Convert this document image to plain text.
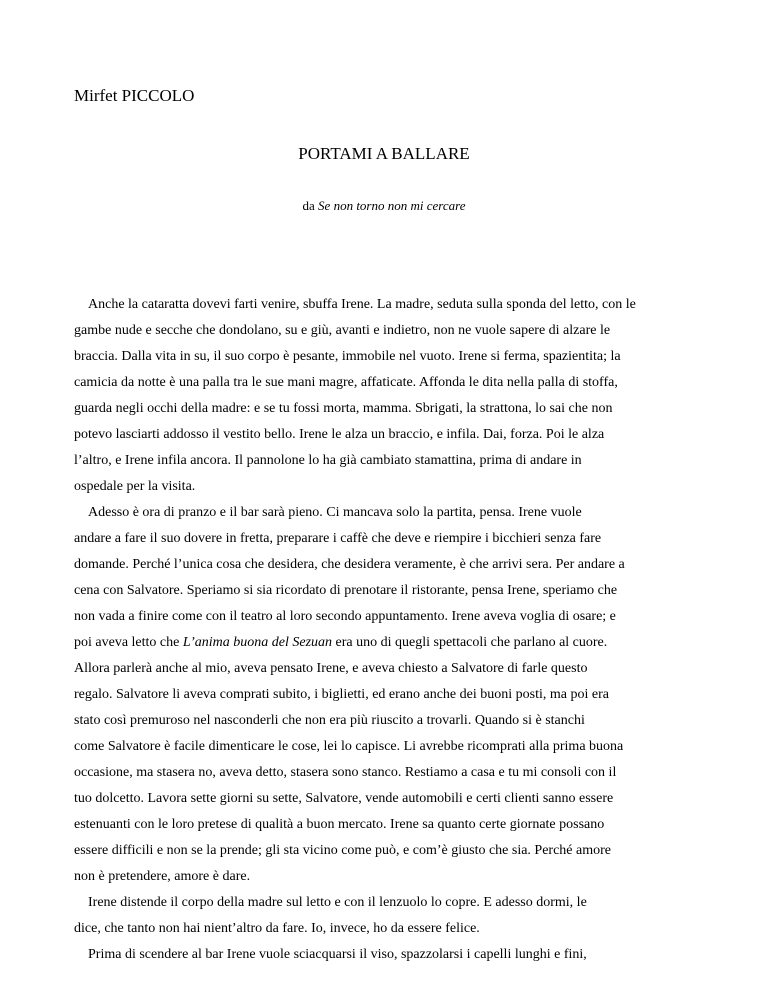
Mirfet PICCOLO
PORTAMI A BALLARE
da Se non torno non mi cercare
Anche la cataratta dovevi farti venire, sbuffa Irene. La madre, seduta sulla sponda del letto, con le
gambe nude e secche che dondolano, su e giù, avanti e indietro, non ne vuole sapere di alzare le
braccia. Dalla vita in su, il suo corpo è pesante, immobile nel vuoto. Irene si ferma, spazientita; la
camicia da notte è una palla tra le sue mani magre, affaticate. Affonda le dita nella palla di stoffa,
guarda negli occhi della madre: e se tu fossi morta, mamma. Sbrigati, la strattona, lo sai che non
potevo lasciarti addosso il vestito bello. Irene le alza un braccio, e infila. Dai, forza. Poi le alza
l’altro, e Irene infila ancora. Il pannolone lo ha già cambiato stamattina, prima di andare in
ospedale per la visita.
Adesso è ora di pranzo e il bar sarà pieno. Ci mancava solo la partita, pensa. Irene vuole
andare a fare il suo dovere in fretta, preparare i caffè che deve e riempire i bicchieri senza fare
domande. Perché l’unica cosa che desidera, che desidera veramente, è che arrivi sera. Per andare a
cena con Salvatore. Speriamo si sia ricordato di prenotare il ristorante, pensa Irene, speriamo che
non vada a finire come con il teatro al loro secondo appuntamento. Irene aveva voglia di osare; e
poi aveva letto che L’anima buona del Sezuan era uno di quegli spettacoli che parlano al cuore.
Allora parlerà anche al mio, aveva pensato Irene, e aveva chiesto a Salvatore di farle questo
regalo. Salvatore li aveva comprati subito, i biglietti, ed erano anche dei buoni posti, ma poi era
stato così premuroso nel nasconderli che non era più riuscito a trovarli. Quando si è stanchi
come Salvatore è facile dimenticare le cose, lei lo capisce. Li avrebbe ricomprati alla prima buona
occasione, ma stasera no, aveva detto, stasera sono stanco. Restiamo a casa e tu mi consoli con il
tuo dolcetto. Lavora sette giorni su sette, Salvatore, vende automobili e certi clienti sanno essere
estenuanti con le loro pretese di qualità a buon mercato. Irene sa quanto certe giornate possano
essere difficili e non se la prende; gli sta vicino come può, e com’è giusto che sia. Perché amore
non è pretendere, amore è dare.
Irene distende il corpo della madre sul letto e con il lenzuolo lo copre. E adesso dormi, le
dice, che tanto non hai nient’altro da fare. Io, invece, ho da essere felice.
Prima di scendere al bar Irene vuole sciacquarsi il viso, spazzolarsi i capelli lunghi e fini,
